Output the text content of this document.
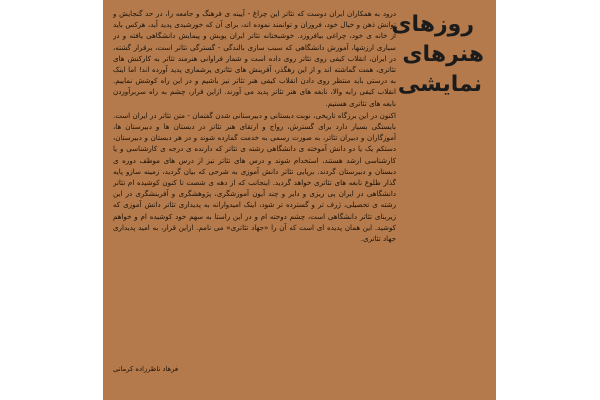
روزهای
هنرهای
نمایشی

درود به همکاران ایران دوست که تئاتر این چراغ - آیینه ی فرهنگ و جامعه را، در حد گنجایش و توانش ذهن و خیال خود، فروزان و توانمند نموده اند، برای آن که خورشیدی پدید آید، هرکس باید از خانه ی خود، چراغی بیافروزد. خوشبختانه تئاتر ایران پویش و پیمایش دانشگاهی یافته و در سیاری ارزشها، آموزش دانشگاهی که سبب سازی بالندگی - گسترگی تئاتر است، برقرار گشته، در ایران، انقلاب کیفی روی تئاتر روی داده است و شمار فراوانی هنرمند تئاتر به کارکنش های تئاتری، همت گماشته اند و از این رهگذر، آفرینش های تئاتری پرشماری پدید آورده اند! اما اینک به درستی باید منتظر روی دادن انقلاب کیفی هنر تئاتر نیز باشیم و در این راه کوشش نماییم. انقلاب کیفی رابه والا، نابغه های هنر تئاتر پدید می آورند. ازاین قرار، چشم به راه سربرآوردن نابغه های تئاتری هستیم.

اکنون در این برزگاه تاریخی، نوبت دبستانی و دبیرستانی شدن گفتمان - متن تئاتر در ایران است. بایستگی بسیار دارد برای گسترش، رواج و ارتقای هنر تئاتر در دبستان ها و دبیرستان ها، آموزگاران و دبیران تئاتر، به صورت رسمی به خدمت گمارده شوند و در هر دبستان و دبیرستان، دستکم یک یا دو دانش آموخته ی دانشگاهی رشته ی تئاتر که دارنده ی درجه ی کارشناسی و یا کارشناسی ارشد هستند، استخدام شوند و درس های تئاتر نیز از درس های موظف دوره ی دبستان و دبیرستان گردند. برپایی تئاتر دانش آموزی به شرحی که بیان گردید، زمینه سازو پایه گذار طلوع نابغه های تئاتری خواهد گردید. اینجانب که از دهه ی شصت تا کنون کوشیده ام تئاتر دانشگاهی در ایران پی ریزی و دایر و چند آیون آموزشگری، پژوهشگری و آفرینشگری در این رشته ی تحصیلی، ژرف تر و گسترده تر شود، اینک امیدوارانه به پدیداری تئاتر دانش آموزی که زیربنای تئاتر دانشگاهی است، چشم دوخته ام و در این راستا به سهم خود کوشیده ام و خواهم کوشید. این همان پدیده ای است که آن را «جهاد تئاتری» می نامم. ازاین قرار، به امید پدیداری جهاد تئاتری.

فرهاد ناظرزاده کرمانی
